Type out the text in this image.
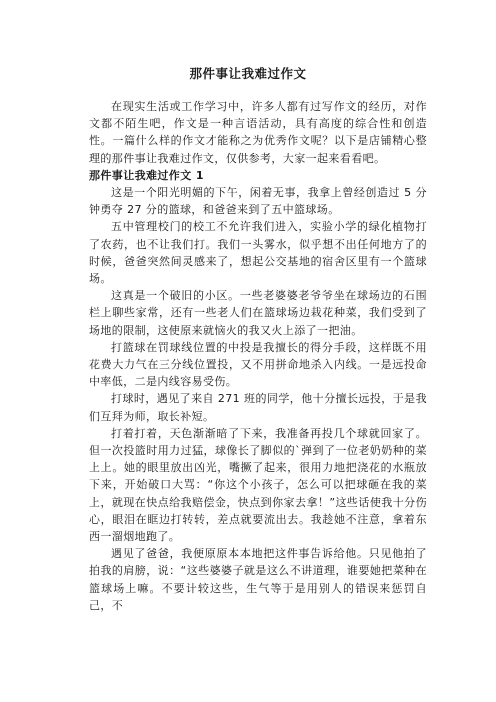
那件事让我难过作文

在现实生活或工作学习中，许多人都有过写作文的经历，对作文都不陌生吧，作文是一种言语活动，具有高度的综合性和创造性。一篇什么样的作文才能称之为优秀作文呢？以下是店铺精心整理的那件事让我难过作文，仅供参考，大家一起来看看吧。

那件事让我难过作文 1

这是一个阳光明媚的下午，闲着无事，我拿上曾经创造过 5 分钟勇夺 27 分的篮球，和爸爸来到了五中篮球场。

五中管理校门的校工不允许我们进入，实验小学的绿化植物打了农药，也不让我们打。我们一头雾水，似乎想不出任何地方了的时候，爸爸突然间灵感来了，想起公交基地的宿舍区里有一个篮球场。

这真是一个破旧的小区。一些老婆婆老爷爷坐在球场边的石围栏上聊些家常，还有一些老人们在篮球场边栽花种菜，我们受到了场地的限制，这使原来就恼火的我又火上添了一把油。

打篮球在罚球线位置的中投是我擅长的得分手段，这样既不用花费大力气在三分线位置投，又不用拼命地杀入内线。一是远投命中率低，二是内线容易受伤。

打球时，遇见了来自 271 班的同学，他十分擅长远投，于是我们互拜为师，取长补短。

打着打着，天色渐渐暗了下来，我准备再投几个球就回家了。但一次投篮时用力过猛，球像长了脚似的`弹到了一位老奶奶种的菜上上。她的眼里放出凶光，嘴撅了起来，很用力地把浇花的水瓶放下来，开始破口大骂：“你这个小孩子，怎么可以把球砸在我的菜上，就现在快点给我赔偿金，快点到你家去拿！”这些话使我十分伤心，眼泪在眶边打转转，差点就要流出去。我趁她不注意，拿着东西一溜烟地跑了。

遇见了爸爸，我便原原本本地把这件事告诉给他。只见他拍了拍我的肩膀，说：“这些婆婆子就是这么不讲道理，谁要她把菜种在篮球场上嘛。不要计较这些，生气等于是用别人的错误来惩罚自己，不
